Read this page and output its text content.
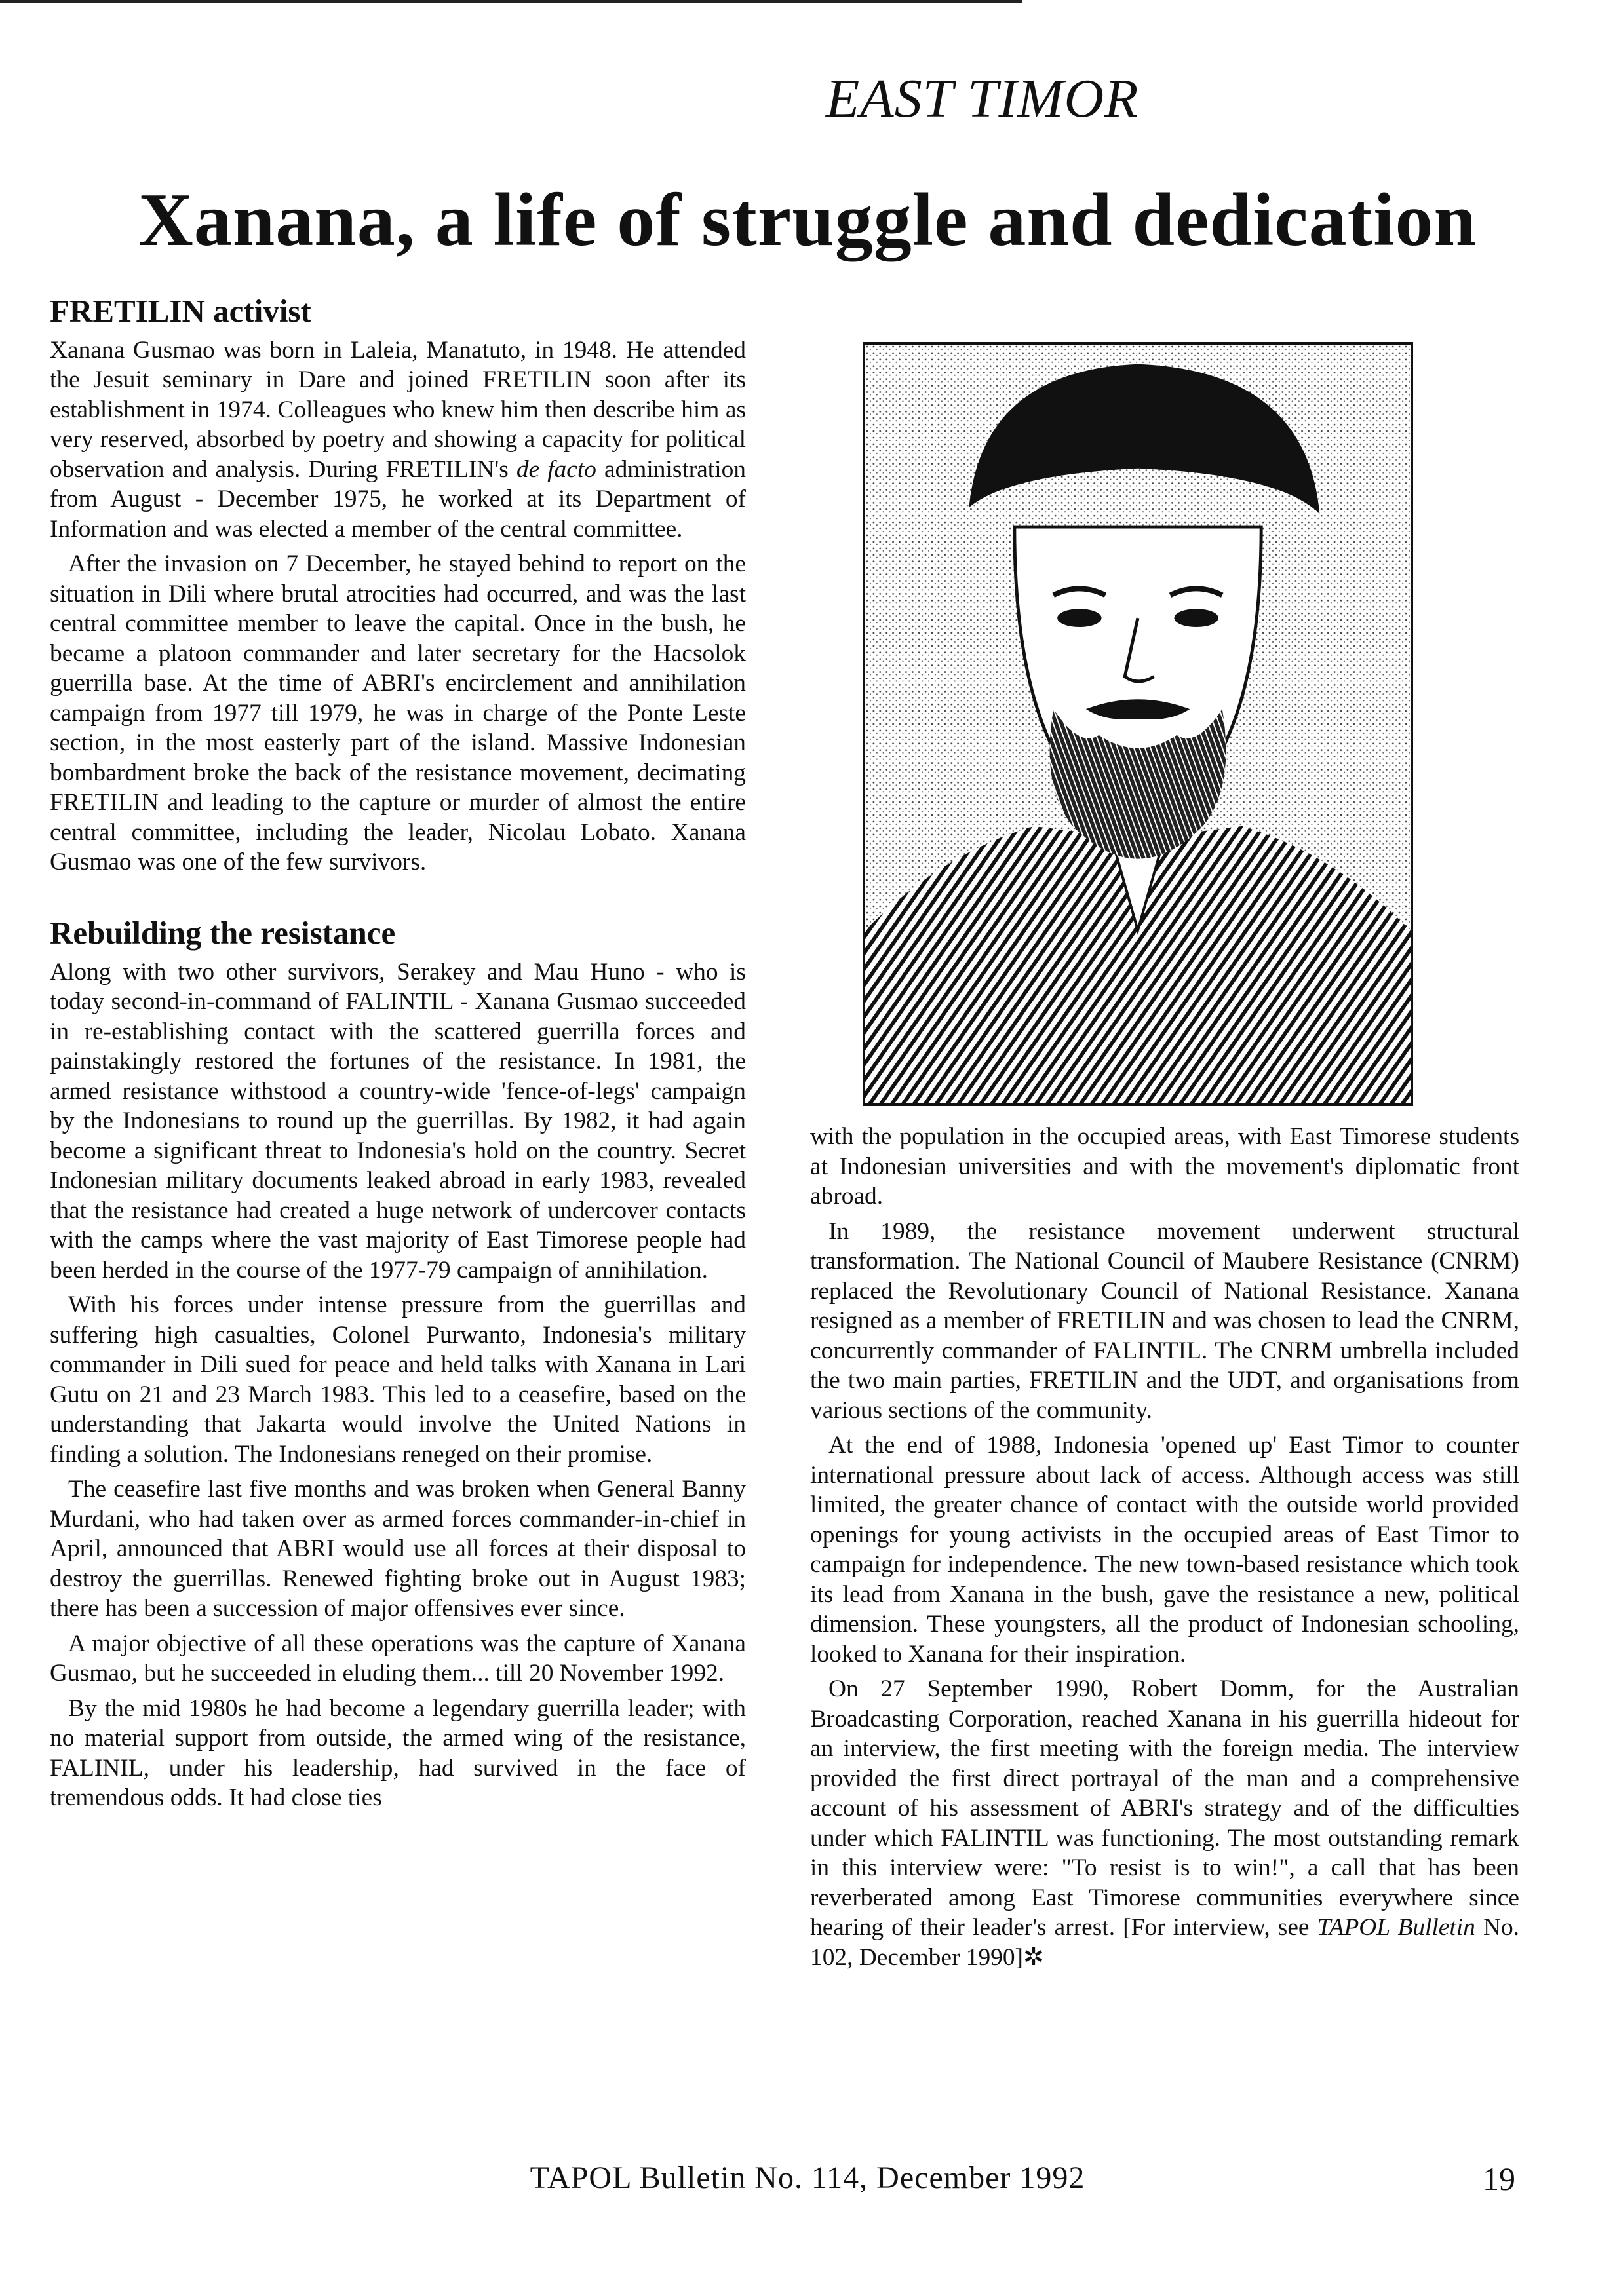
EAST TIMOR
Xanana, a life of struggle and dedication
FRETILIN activist

Xanana Gusmao was born in Laleia, Manatuto, in 1948. He attended the Jesuit seminary in Dare and joined FRETILIN soon after its establishment in 1974. Colleagues who knew him then describe him as very reserved, absorbed by poetry and showing a capacity for political observation and analysis. During FRETILIN's de facto administration from August - December 1975, he worked at its Department of Information and was elected a member of the central committee.

After the invasion on 7 December, he stayed behind to report on the situation in Dili where brutal atrocities had occurred, and was the last central committee member to leave the capital. Once in the bush, he became a platoon commander and later secretary for the Hacsolok guerrilla base. At the time of ABRI's encirclement and annihilation campaign from 1977 till 1979, he was in charge of the Ponte Leste section, in the most easterly part of the island. Massive Indonesian bombardment broke the back of the resistance movement, decimating FRETILIN and leading to the capture or murder of almost the entire central committee, including the leader, Nicolau Lobato. Xanana Gusmao was one of the few survivors.

Rebuilding the resistance

Along with two other survivors, Serakey and Mau Huno - who is today second-in-command of FALINTIL - Xanana Gusmao succeeded in re-establishing contact with the scattered guerrilla forces and painstakingly restored the fortunes of the resistance. In 1981, the armed resistance withstood a country-wide 'fence-of-legs' campaign by the Indonesians to round up the guerrillas. By 1982, it had again become a significant threat to Indonesia's hold on the country. Secret Indonesian military documents leaked abroad in early 1983, revealed that the resistance had created a huge network of undercover contacts with the camps where the vast majority of East Timorese people had been herded in the course of the 1977-79 campaign of annihilation.

With his forces under intense pressure from the guerrillas and suffering high casualties, Colonel Purwanto, Indonesia's military commander in Dili sued for peace and held talks with Xanana in Lari Gutu on 21 and 23 March 1983. This led to a ceasefire, based on the understanding that Jakarta would involve the United Nations in finding a solution. The Indonesians reneged on their promise.

The ceasefire last five months and was broken when General Banny Murdani, who had taken over as armed forces commander-in-chief in April, announced that ABRI would use all forces at their disposal to destroy the guerrillas. Renewed fighting broke out in August 1983; there has been a succession of major offensives ever since.

A major objective of all these operations was the capture of Xanana Gusmao, but he succeeded in eluding them... till 20 November 1992.

By the mid 1980s he had become a legendary guerrilla leader; with no material support from outside, the armed wing of the resistance, FALINIL, under his leadership, had survived in the face of tremendous odds. It had close ties

with the population in the occupied areas, with East Timorese students at Indonesian universities and with the movement's diplomatic front abroad.

In 1989, the resistance movement underwent structural transformation. The National Council of Maubere Resistance (CNRM) replaced the Revolutionary Council of National Resistance. Xanana resigned as a member of FRETILIN and was chosen to lead the CNRM, concurrently commander of FALINTIL. The CNRM umbrella included the two main parties, FRETILIN and the UDT, and organisations from various sections of the community.

At the end of 1988, Indonesia 'opened up' East Timor to counter international pressure about lack of access. Although access was still limited, the greater chance of contact with the outside world provided openings for young activists in the occupied areas of East Timor to campaign for independence. The new town-based resistance which took its lead from Xanana in the bush, gave the resistance a new, political dimension. These youngsters, all the product of Indonesian schooling, looked to Xanana for their inspiration.

On 27 September 1990, Robert Domm, for the Australian Broadcasting Corporation, reached Xanana in his guerrilla hideout for an interview, the first meeting with the foreign media. The interview provided the first direct portrayal of the man and a comprehensive account of his assessment of ABRI's strategy and of the difficulties under which FALINTIL was functioning. The most outstanding remark in this interview were: "To resist is to win!", a call that has been reverberated among East Timorese communities everywhere since hearing of their leader's arrest. [For interview, see TAPOL Bulletin No. 102, December 1990]✲

TAPOL Bulletin No. 114, December 1992	19
